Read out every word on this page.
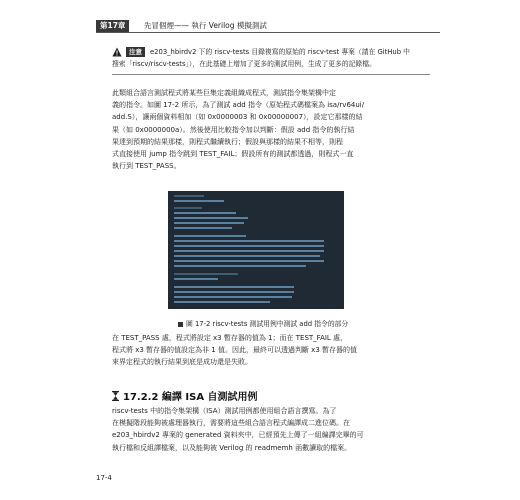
第17章	先冒個煙—— 執行 Verilog 模擬測試
注意	e203_hbirdv2 下的 riscv-tests 目錄複寫的原始的 riscv-test 專案（請在 GitHub 中
搜索「riscv/riscv-tests」），在此基礎上增加了更多的測試用例，生成了更多的記錄檔。
此類組合語言測試程式將某些巨集定義組織成程式，測試指令集架構中定
義的指令。如圖 17-2 所示，為了測試 add 指令（原始程式碼檔案為 isa/rv64ui/
add.S），讓兩個資料相加（如 0x0000003 和 0x00000007），設定它那樣的結
果（如 0x0000000a）。然後使用比較指令加以判斷：假設 add 指令的執行結
果達到預期的結果那樣，則程式繼續執行；假設與那樣的結果不相等，則程
式直接使用 jump 指令跳到 TEST_FAIL；假設所有的測試都透過，則程式一直
執行到 TEST_PASS。
圖 17-2 riscv-tests 測試用例中測試 add 指令的部分
在 TEST_PASS 處，程式將設定 x3 暫存器的值為 1；而在 TEST_FAIL 處，
程式將 x3 暫存器的值設定為非 1 值。因此，最終可以透過判斷 x3 暫存器的值
來界定程式的執行結果到底是成功還是失敗。
17.2.2 編譯 ISA 自測試用例
riscv-tests 中的指令集架構（ISA）測試用例都使用組合語言撰寫。為了
在模擬階段能夠被處理器執行，需要將這些組合語言程式編譯成二進位碼。在
e203_hbirdv2 專案的 generated 資料夾中，已經預先上傳了一組編譯完畢的可
執行檔和反組譯檔案，以及能夠被 Verilog 的 readmemh 函數讀取的檔案。
17-4
